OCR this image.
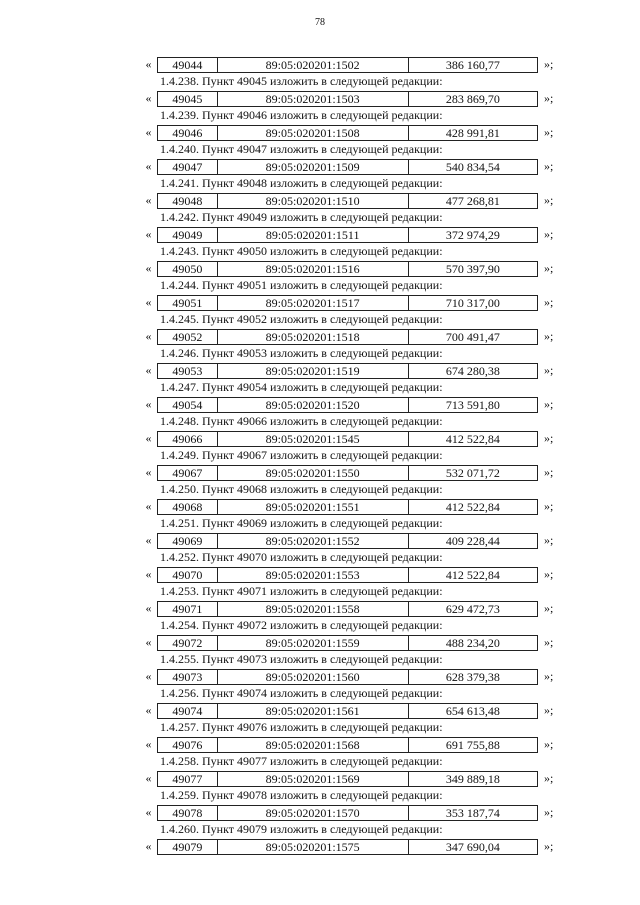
78
«	49044	89:05:020201:1502	386 160,77	»;
1.4.238. Пункт 49045 изложить в следующей редакции:
«	49045	89:05:020201:1503	283 869,70	»;
1.4.239. Пункт 49046 изложить в следующей редакции:
«	49046	89:05:020201:1508	428 991,81	»;
1.4.240. Пункт 49047 изложить в следующей редакции:
«	49047	89:05:020201:1509	540 834,54	»;
1.4.241. Пункт 49048 изложить в следующей редакции:
«	49048	89:05:020201:1510	477 268,81	»;
1.4.242. Пункт 49049 изложить в следующей редакции:
«	49049	89:05:020201:1511	372 974,29	»;
1.4.243. Пункт 49050 изложить в следующей редакции:
«	49050	89:05:020201:1516	570 397,90	»;
1.4.244. Пункт 49051 изложить в следующей редакции:
«	49051	89:05:020201:1517	710 317,00	»;
1.4.245. Пункт 49052 изложить в следующей редакции:
«	49052	89:05:020201:1518	700 491,47	»;
1.4.246. Пункт 49053 изложить в следующей редакции:
«	49053	89:05:020201:1519	674 280,38	»;
1.4.247. Пункт 49054 изложить в следующей редакции:
«	49054	89:05:020201:1520	713 591,80	»;
1.4.248. Пункт 49066 изложить в следующей редакции:
«	49066	89:05:020201:1545	412 522,84	»;
1.4.249. Пункт 49067 изложить в следующей редакции:
«	49067	89:05:020201:1550	532 071,72	»;
1.4.250. Пункт 49068 изложить в следующей редакции:
«	49068	89:05:020201:1551	412 522,84	»;
1.4.251. Пункт 49069 изложить в следующей редакции:
«	49069	89:05:020201:1552	409 228,44	»;
1.4.252. Пункт 49070 изложить в следующей редакции:
«	49070	89:05:020201:1553	412 522,84	»;
1.4.253. Пункт 49071 изложить в следующей редакции:
«	49071	89:05:020201:1558	629 472,73	»;
1.4.254. Пункт 49072 изложить в следующей редакции:
«	49072	89:05:020201:1559	488 234,20	»;
1.4.255. Пункт 49073 изложить в следующей редакции:
«	49073	89:05:020201:1560	628 379,38	»;
1.4.256. Пункт 49074 изложить в следующей редакции:
«	49074	89:05:020201:1561	654 613,48	»;
1.4.257. Пункт 49076 изложить в следующей редакции:
«	49076	89:05:020201:1568	691 755,88	»;
1.4.258. Пункт 49077 изложить в следующей редакции:
«	49077	89:05:020201:1569	349 889,18	»;
1.4.259. Пункт 49078 изложить в следующей редакции:
«	49078	89:05:020201:1570	353 187,74	»;
1.4.260. Пункт 49079 изложить в следующей редакции:
«	49079	89:05:020201:1575	347 690,04	»;
